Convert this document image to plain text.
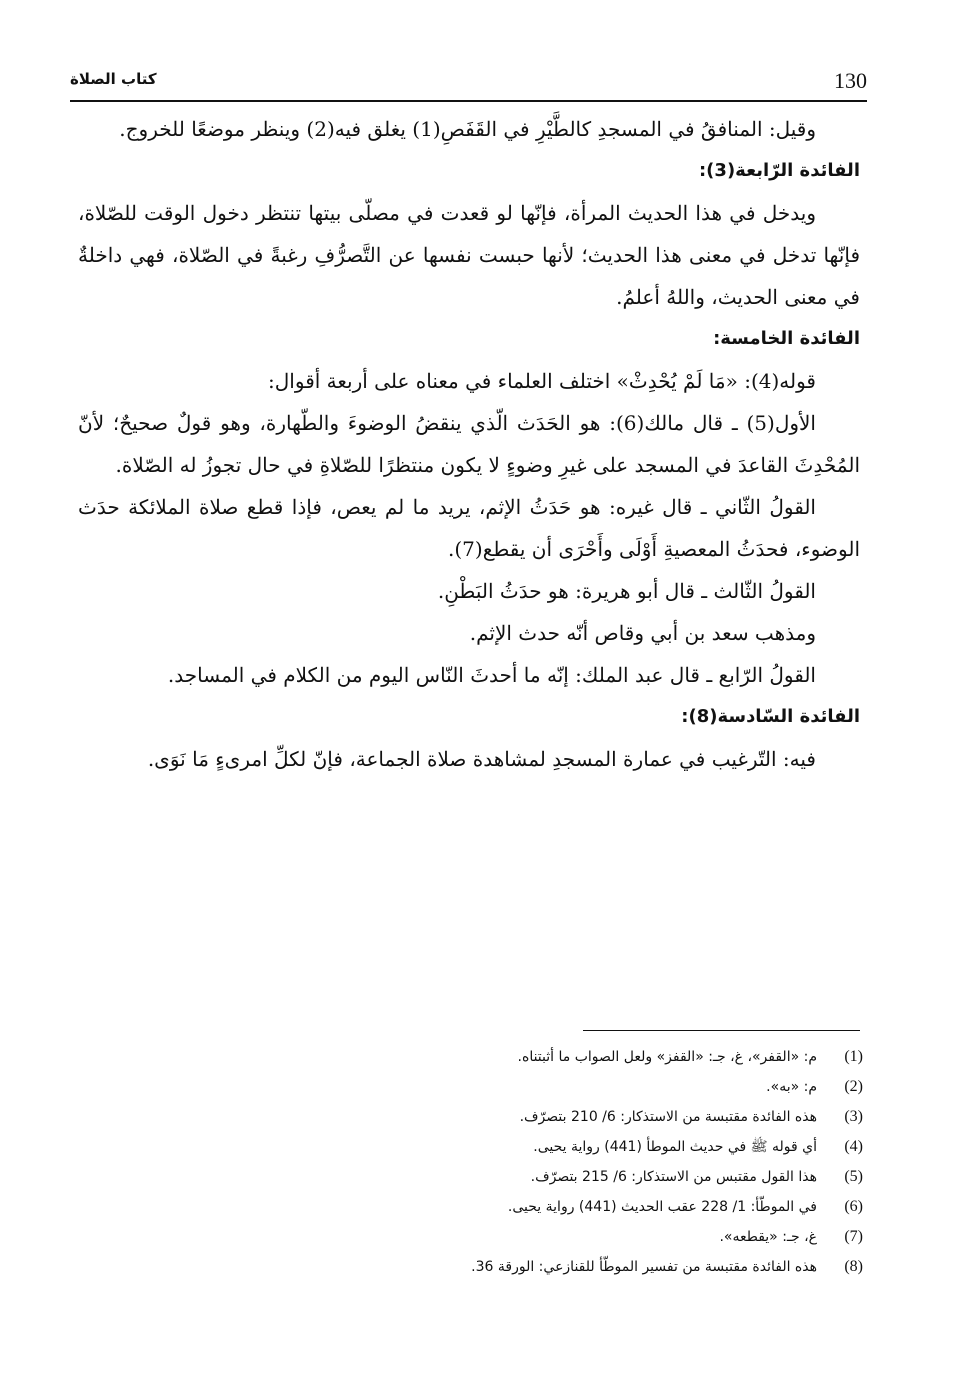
130
كتاب الصلاة

وقيل: المنافقُ في المسجدِ كالطَّيْرِ في القَفَصِ(1) يغلق فيه(2) وينظر موضعًا للخروج.

الفائدة الرّابعة(3):

ويدخل في هذا الحديث المرأة، فإنّها لو قعدت في مصلّى بيتها تنتظر دخول الوقت للصّلاة، فإنّها تدخل في معنى هذا الحديث؛ لأنها حبست نفسها عن التَّصرُّفِ رغبةً في الصّلاة، فهي داخلةٌ في معنى الحديث، واللهُ أعلمُ.

الفائدة الخامسة:

قوله(4): «مَا لَمْ يُحْدِثْ» اختلف العلماء في معناه على أربعة أقوال:

الأول(5) ـ قال مالك(6): هو الحَدَث الّذي ينقضُ الوضوءَ والطّهارة، وهو قولٌ صحيحٌ؛ لأنّ المُحْدِثَ القاعدَ في المسجد على غيرِ وضوءٍ لا يكون منتظرًا للصّلاةِ في حال تجوزُ له الصّلاة.

القولُ الثّاني ـ قال غيره: هو حَدَثُ الإثم، يريد ما لم يعص، فإذا قطع صلاة الملائكة حدَث الوضوء، فحدَثُ المعصيةِ أَوْلَى وأَحْرَى أن يقطع(7).

القولُ الثّالث ـ قال أبو هريرة: هو حدَثُ البَطْنِ.

ومذهب سعد بن أبي وقاص أنّه حدث الإثم.

القولُ الرّابع ـ قال عبد الملك: إنّه ما أحدثَ النّاس اليوم من الكلام في المساجد.

الفائدة السّادسة(8):

فيه: التّرغيب في عمارة المسجدِ لمشاهدة صلاة الجماعة، فإنّ لكلِّ امرىءٍ مَا نَوَى.

(1)م: «القفر»، غ، جـ: «القفز» ولعل الصواب ما أثبتناه.
(2)م: «به».
(3)هذه الفائدة مقتبسة من الاستذكار: 6/ 210 بتصرّف.
(4)أي قوله ﷺ في حديث الموطأ (441) رواية يحيى.
(5)هذا القول مقتبس من الاستذكار: 6/ 215 بتصرّف.
(6)في الموطّأ: 1/ 228 عقب الحديث (441) رواية يحيى.
(7)غ، جـ: «يقطعه».
(8)هذه الفائدة مقتبسة من تفسير الموطّأ للقنازعي: الورقة 36.
